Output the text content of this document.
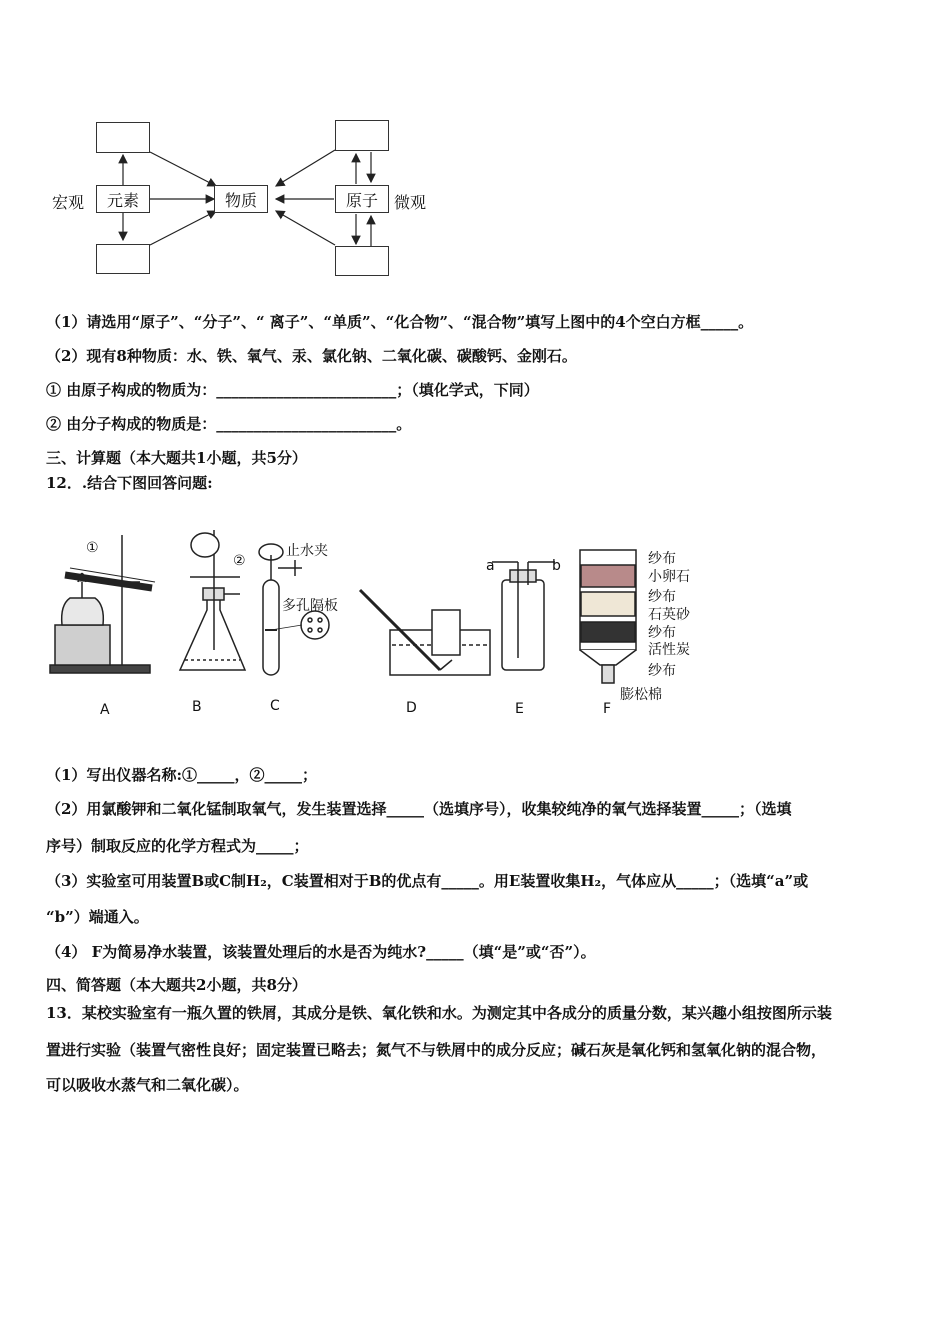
宏观	元素	物质	原子	微观
（1）请选用“原子”、“分子”、“ 离子”、“单质”、“化合物”、“混合物”填写上图中的4个空白方框_____。
（2）现有8种物质：水、铁、氧气、汞、氯化钠、二氧化碳、碳酸钙、金刚石。
① 由原子构成的物质为：________________________；（填化学式，下同）
② 由分子构成的物质是：________________________。
三、计算题（本大题共1小题，共5分）
12．.结合下图回答问题:
①
②
止水夹
多孔隔板
a	b	纱布
小卵石
纱布
石英砂
纱布
活性炭
纱布
膨松棉
A	B	C	D	E	F
（1）写出仪器名称:①_____，②_____；
（2）用氯酸钾和二氧化锰制取氧气，发生装置选择_____（选填序号），收集较纯净的氧气选择装置_____；（选填
序号）制取反应的化学方程式为_____；
（3）实验室可用装置B或C制H₂，C装置相对于B的优点有_____。用E装置收集H₂，气体应从_____；（选填“a”或
“b”）端通入。
（4） F为简易净水装置，该装置处理后的水是否为纯水?_____（填“是”或“否”）。
四、简答题（本大题共2小题，共8分）
13．某校实验室有一瓶久置的铁屑，其成分是铁、氧化铁和水。为测定其中各成分的质量分数，某兴趣小组按图所示装
置进行实验（装置气密性良好；固定装置已略去；氮气不与铁屑中的成分反应；碱石灰是氧化钙和氢氧化钠的混合物，
可以吸收水蒸气和二氧化碳）。
